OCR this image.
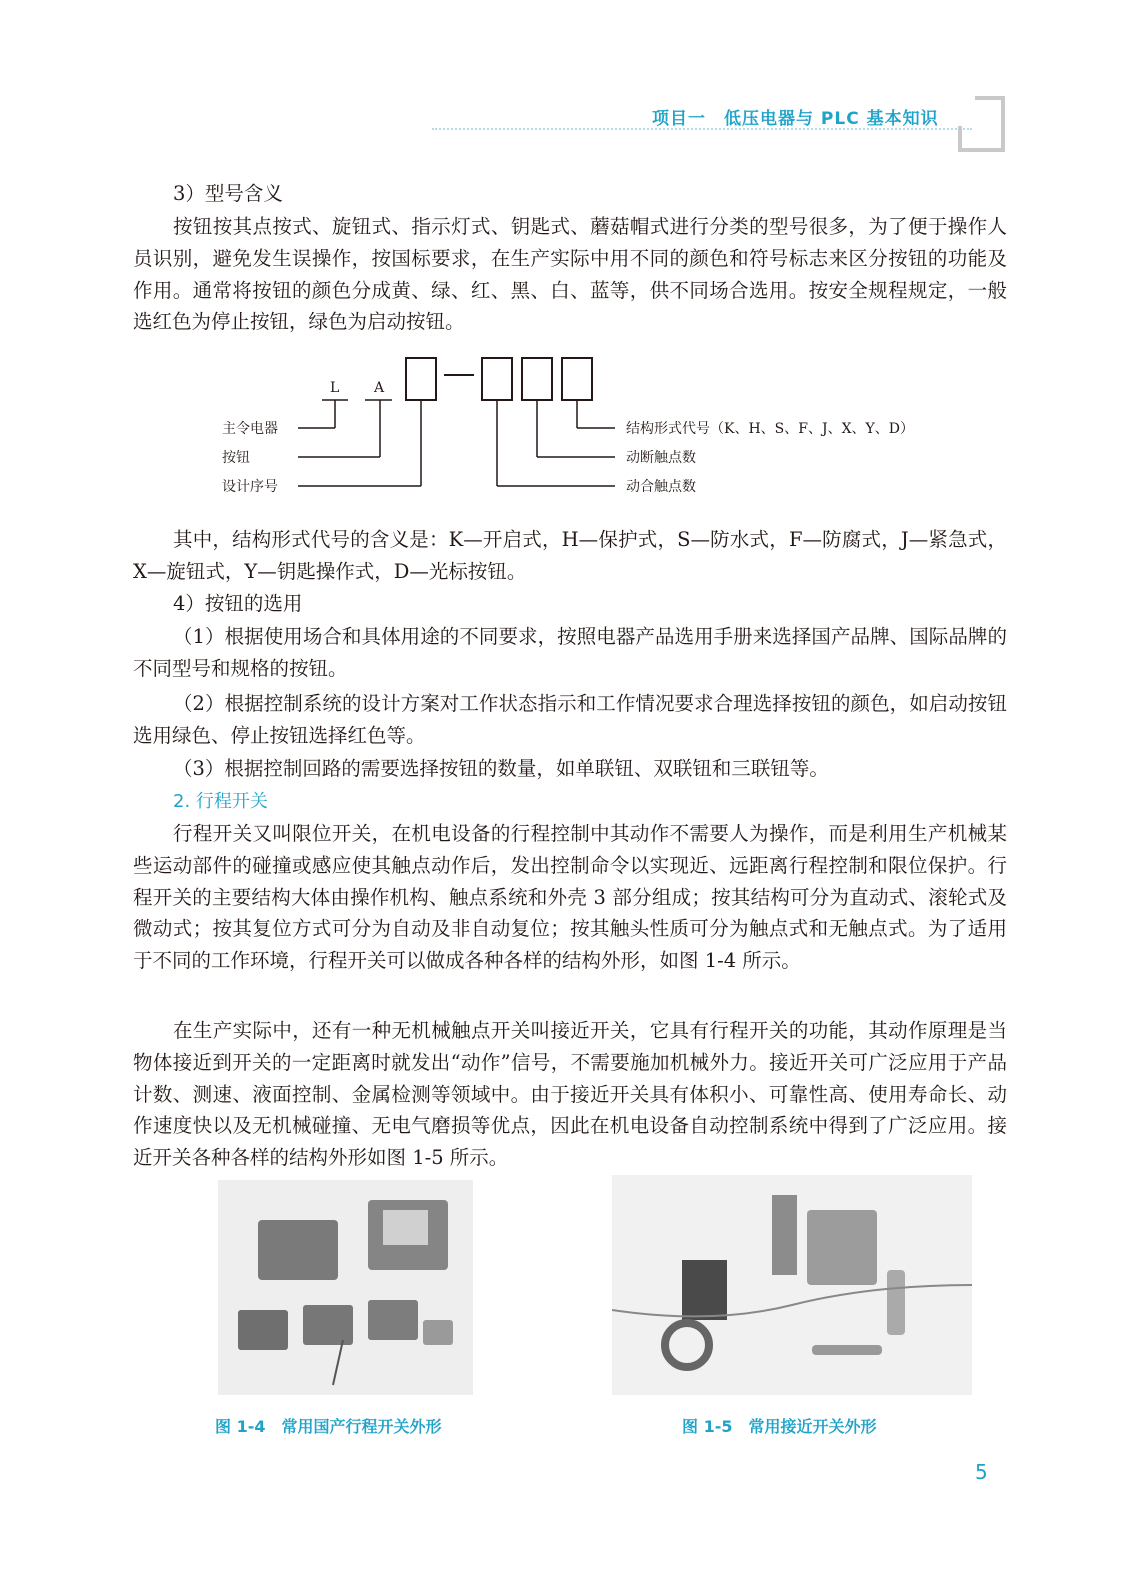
项目一　低压电器与 PLC 基本知识

3）型号含义

按钮按其点按式、旋钮式、指示灯式、钥匙式、蘑菇帽式进行分类的型号很多，为了便于操作人员识别，避免发生误操作，按国标要求，在生产实际中用不同的颜色和符号标志来区分按钮的功能及作用。通常将按钮的颜色分成黄、绿、红、黑、白、蓝等，供不同场合选用。按安全规程规定，一般选红色为停止按钮，绿色为启动按钮。

L A
主令电器
按钮
设计序号
结构形式代号（K、H、S、F、J、X、Y、D）
动断触点数
动合触点数

其中，结构形式代号的含义是：K—开启式，H—保护式，S—防水式，F—防腐式，J—紧急式，X—旋钮式，Y—钥匙操作式，D—光标按钮。

4）按钮的选用

（1）根据使用场合和具体用途的不同要求，按照电器产品选用手册来选择国产品牌、国际品牌的不同型号和规格的按钮。

（2）根据控制系统的设计方案对工作状态指示和工作情况要求合理选择按钮的颜色，如启动按钮选用绿色、停止按钮选择红色等。

（3）根据控制回路的需要选择按钮的数量，如单联钮、双联钮和三联钮等。

2. 行程开关

行程开关又叫限位开关，在机电设备的行程控制中其动作不需要人为操作，而是利用生产机械某些运动部件的碰撞或感应使其触点动作后，发出控制命令以实现近、远距离行程控制和限位保护。行程开关的主要结构大体由操作机构、触点系统和外壳 3 部分组成；按其结构可分为直动式、滚轮式及微动式；按其复位方式可分为自动及非自动复位；按其触头性质可分为触点式和无触点式。为了适用于不同的工作环境，行程开关可以做成各种各样的结构外形，如图 1-4 所示。

在生产实际中，还有一种无机械触点开关叫接近开关，它具有行程开关的功能，其动作原理是当物体接近到开关的一定距离时就发出“动作”信号，不需要施加机械外力。接近开关可广泛应用于产品计数、测速、液面控制、金属检测等领域中。由于接近开关具有体积小、可靠性高、使用寿命长、动作速度快以及无机械碰撞、无电气磨损等优点，因此在机电设备自动控制系统中得到了广泛应用。接近开关各种各样的结构外形如图 1-5 所示。

图 1-4　常用国产行程开关外形	图 1-5　常用接近开关外形
5
